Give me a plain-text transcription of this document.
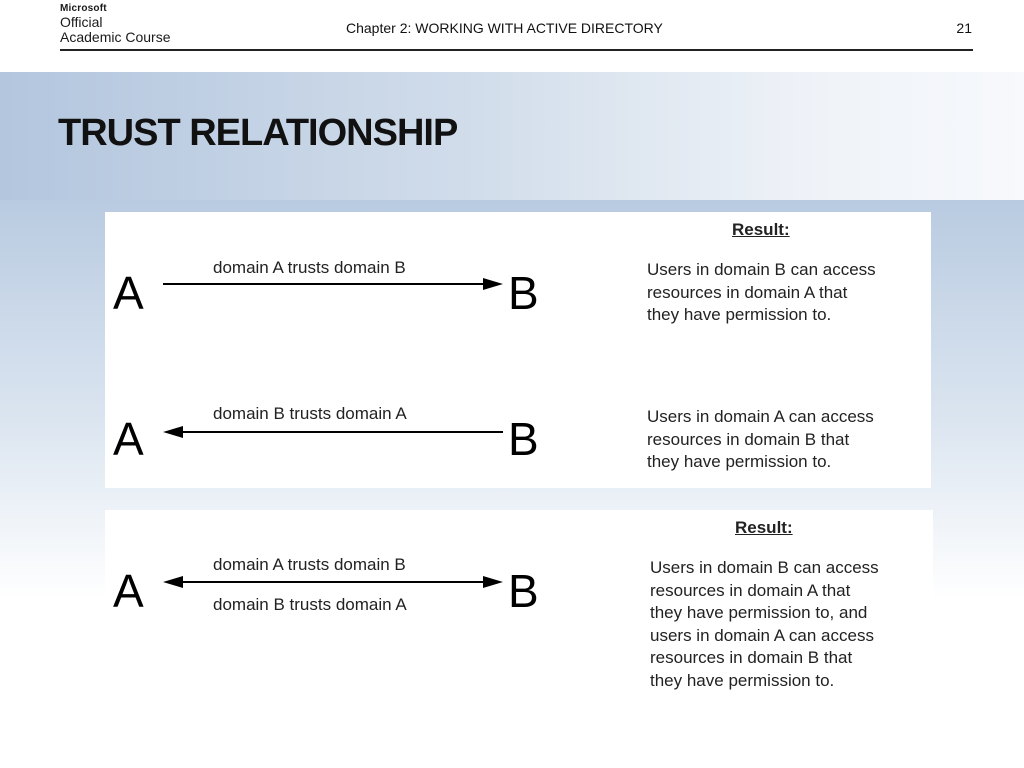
Microsoft
Official
Academic Course
Chapter 2: WORKING WITH ACTIVE DIRECTORY	21
TRUST RELATIONSHIP
Result:
A	domain A trusts domain B B	Users in domain B can access
resources in domain A that
they have permission to.
A	domain B trusts domain A B	Users in domain A can access
resources in domain B that
they have permission to.
Result:
A
domain A trusts domain B
domain B trusts domain A B	Users in domain B can access
resources in domain A that
they have permission to, and
users in domain A can access
resources in domain B that
they have permission to.
